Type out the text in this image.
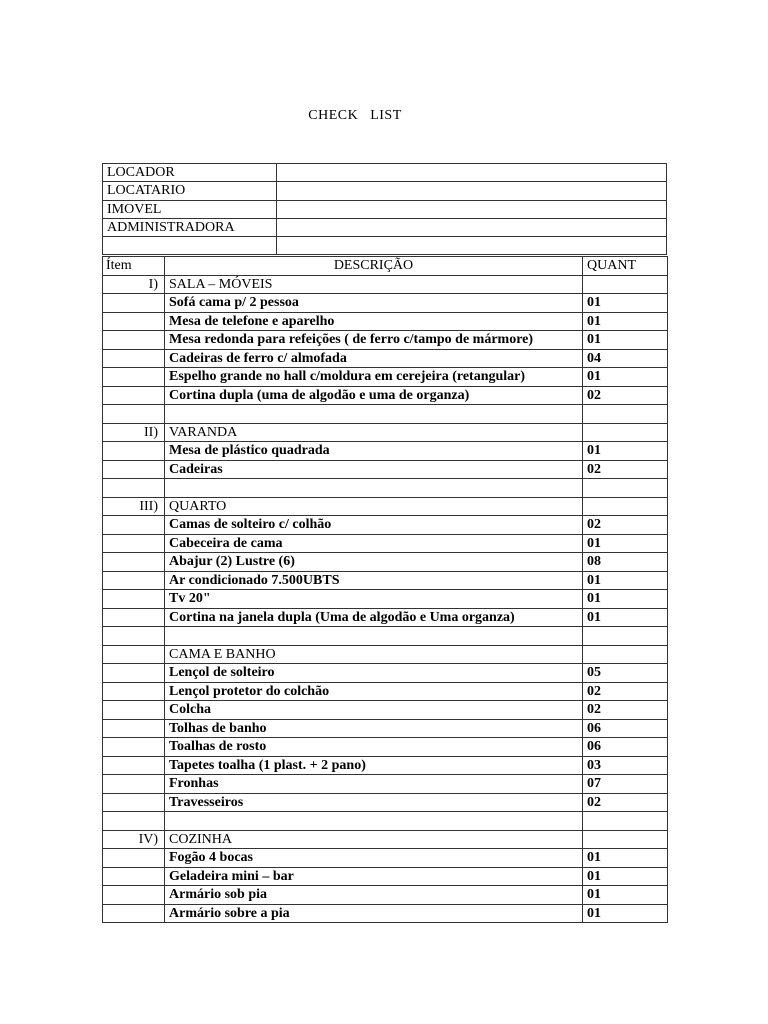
CHECK LIST
LOCADOR	
LOCATARIO	
IMOVEL	
ADMINISTRADORA	

Ítem	DESCRIÇÃO	QUANT
I)	SALA – MÓVEIS	
	Sofá cama p/ 2 pessoa	01
	Mesa de telefone e aparelho	01
	Mesa redonda para refeições ( de ferro c/tampo de mármore)	01
	Cadeiras de ferro c/ almofada	04
	Espelho grande no hall c/moldura em cerejeira (retangular)	01
	Cortina dupla (uma de algodão e uma de organza)	02

II)	VARANDA	
	Mesa de plástico quadrada	01
	Cadeiras	02

III)	QUARTO	
	Camas de solteiro c/ colhão	02
	Cabeceira de cama	01
	Abajur (2) Lustre (6)	08
	Ar condicionado 7.500UBTS	01
	Tv 20"	01
	Cortina na janela dupla (Uma de algodão e Uma organza)	01

	CAMA E BANHO	
	Lençol de solteiro	05
	Lençol protetor do colchão	02
	Colcha	02
	Tolhas de banho	06
	Toalhas de rosto	06
	Tapetes toalha (1 plast. + 2 pano)	03
	Fronhas	07
	Travesseiros	02

IV)	COZINHA	
	Fogão 4 bocas	01
	Geladeira mini – bar	01
	Armário sob pia	01
	Armário sobre a pia	01
